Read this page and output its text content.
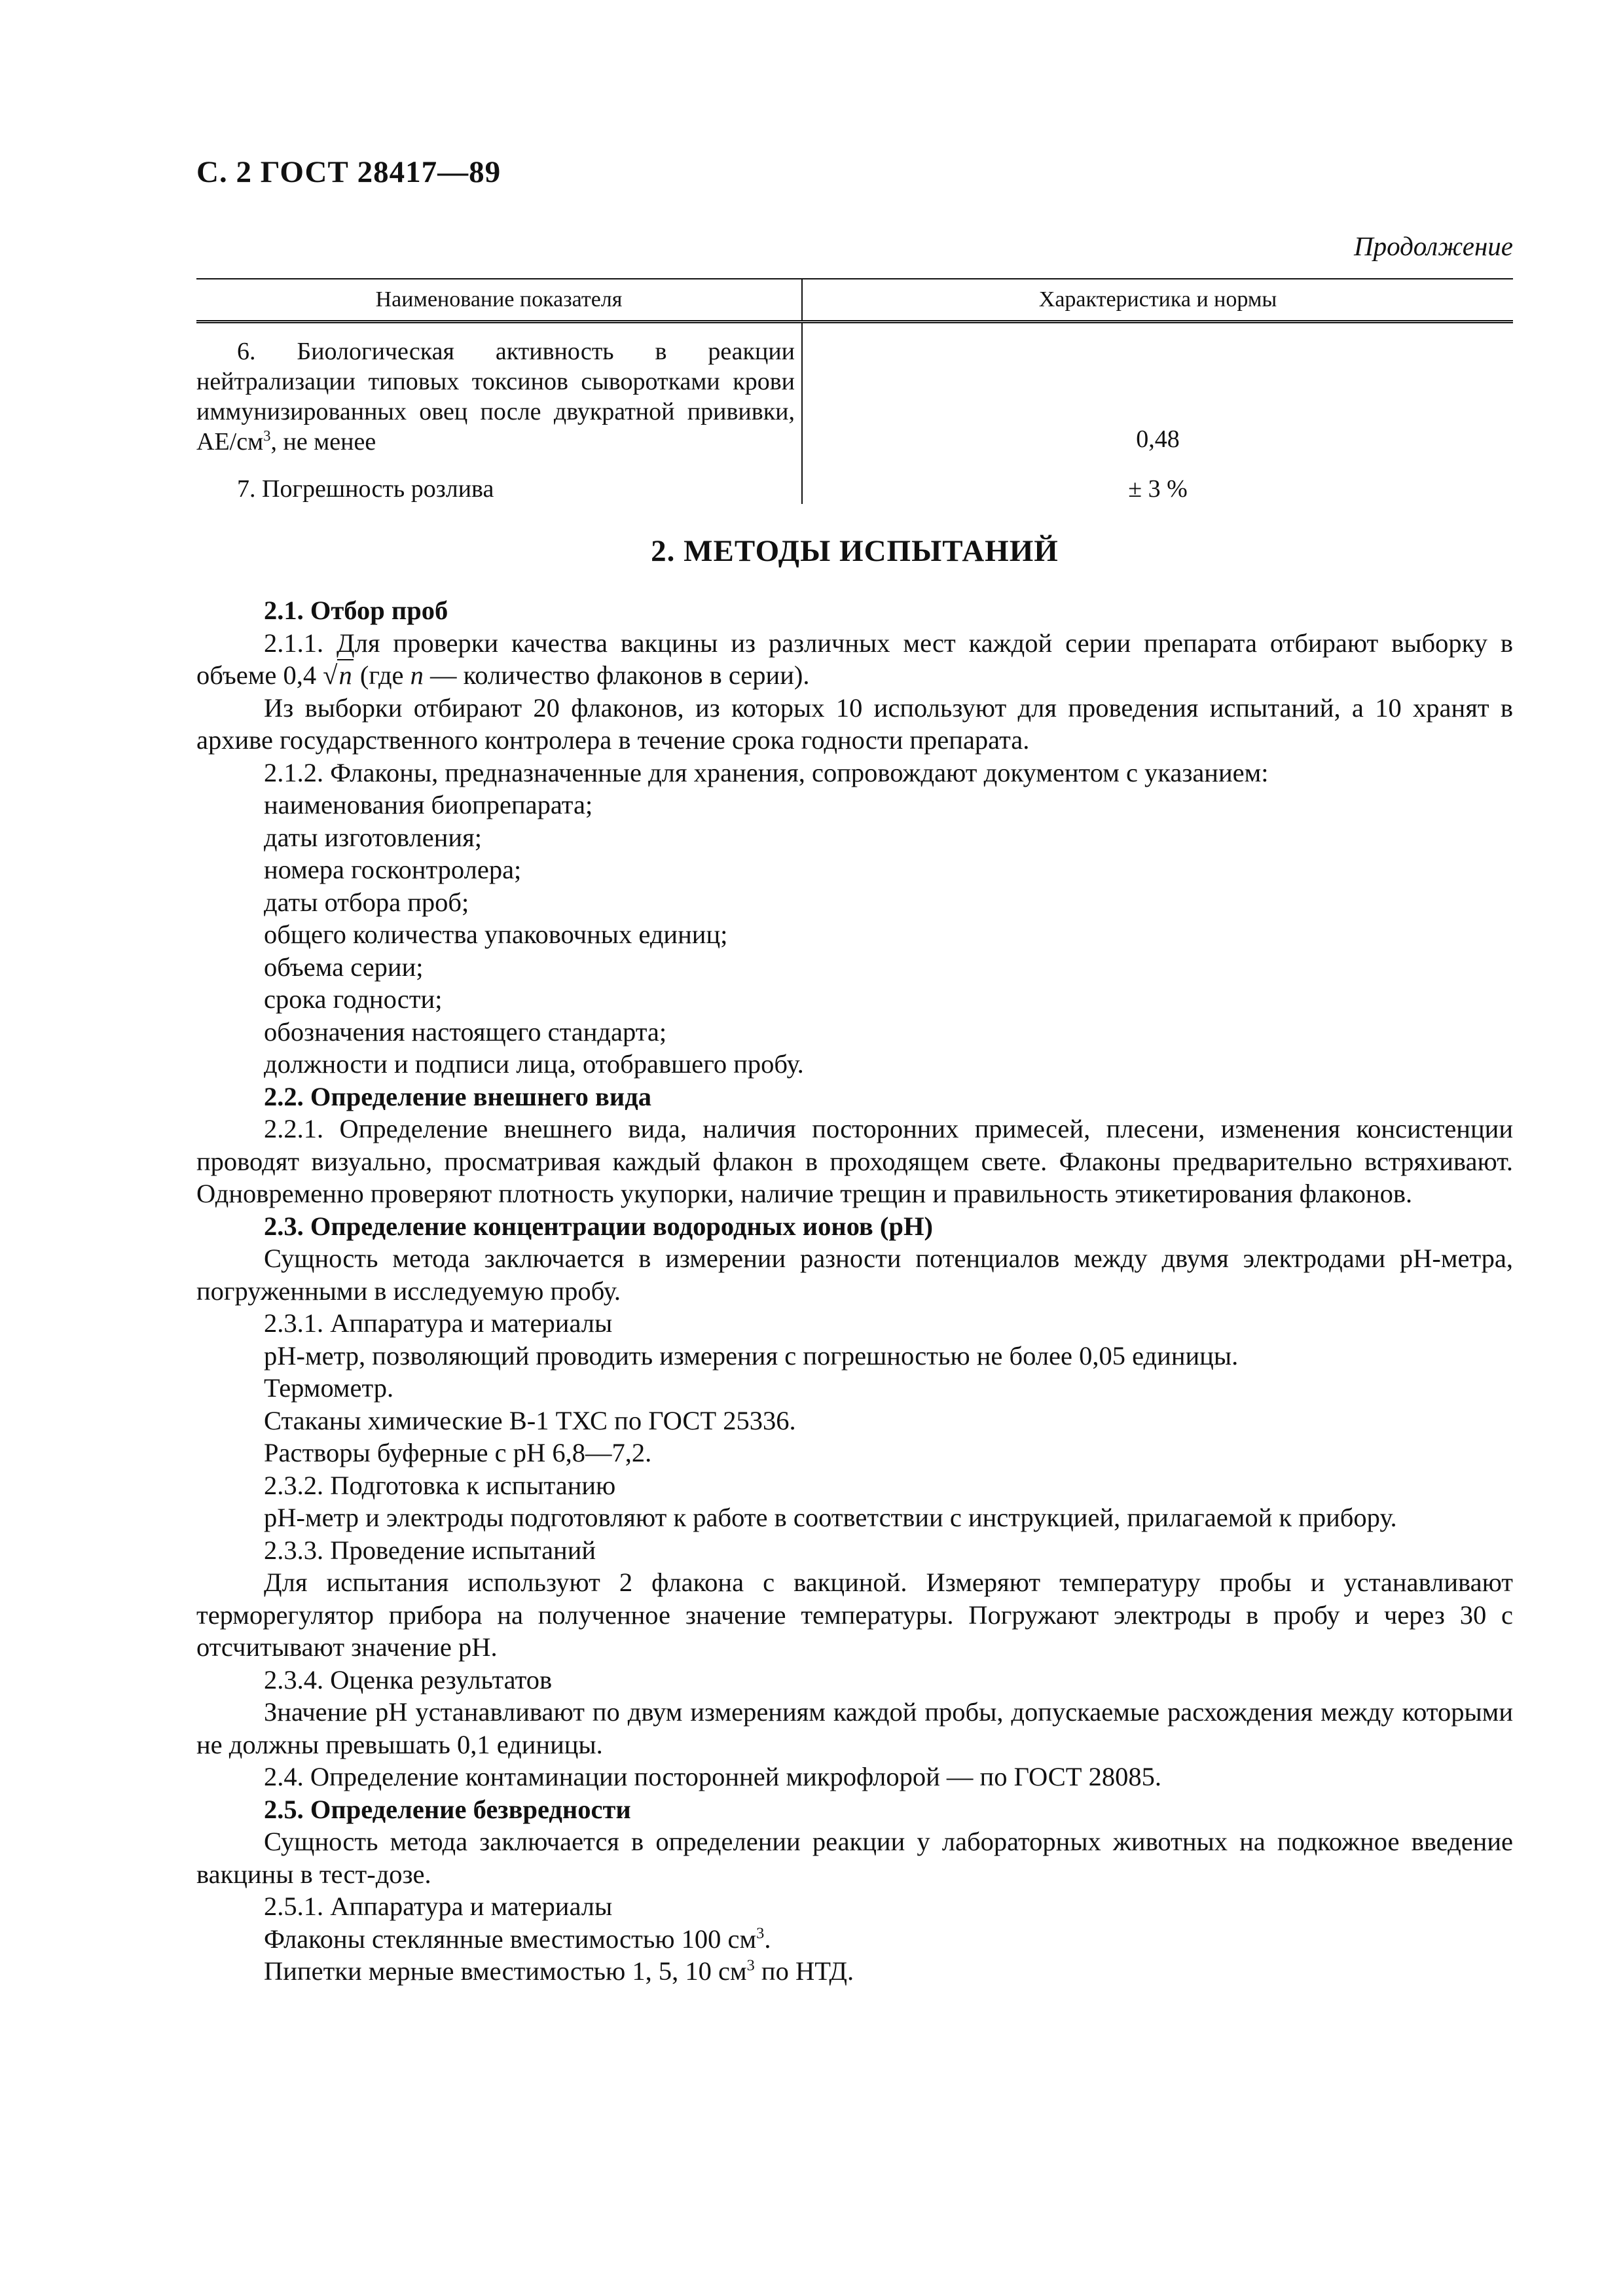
С. 2 ГОСТ 28417—89
Продолжение
Наименование показателя	Характеристика и нормы
6. Биологическая активность в реакции нейтрализации типовых токсинов сыворотками крови иммунизированных овец после двукратной прививки, $АЕ/см^3$, не менее	0,48
7. Погрешность розлива	± 3 %
2. МЕТОДЫ ИСПЫТАНИЙ

2.1. Отбор проб

2.1.1. Для проверки качества вакцины из различных мест каждой серии препарата отбирают выборку в объеме 0,4 √n (где n — количество флаконов в серии).

Из выборки отбирают 20 флаконов, из которых 10 используют для проведения испытаний, а 10 хранят в архиве государственного контролера в течение срока годности препарата.

2.1.2. Флаконы, предназначенные для хранения, сопровождают документом с указанием:

наименования биопрепарата;

даты изготовления;

номера госконтролера;

даты отбора проб;

общего количества упаковочных единиц;

объема серии;

срока годности;

обозначения настоящего стандарта;

должности и подписи лица, отобравшего пробу.

2.2. Определение внешнего вида

2.2.1. Определение внешнего вида, наличия посторонних примесей, плесени, изменения консистенции проводят визуально, просматривая каждый флакон в проходящем свете. Флаконы предварительно встряхивают. Одновременно проверяют плотность укупорки, наличие трещин и правильность этикетирования флаконов.

2.3. Определение концентрации водородных ионов (рН)

Сущность метода заключается в измерении разности потенциалов между двумя электродами рН-метра, погруженными в исследуемую пробу.

2.3.1. Аппаратура и материалы

рН-метр, позволяющий проводить измерения с погрешностью не более 0,05 единицы.

Термометр.

Стаканы химические В-1 ТХС по ГОСТ 25336.

Растворы буферные с рН 6,8—7,2.

2.3.2. Подготовка к испытанию

рН-метр и электроды подготовляют к работе в соответствии с инструкцией, прилагаемой к прибору.

2.3.3. Проведение испытаний

Для испытания используют 2 флакона с вакциной. Измеряют температуру пробы и устанавливают терморегулятор прибора на полученное значение температуры. Погружают электроды в пробу и через 30 с отсчитывают значение рН.

2.3.4. Оценка результатов

Значение рН устанавливают по двум измерениям каждой пробы, допускаемые расхождения между которыми не должны превышать 0,1 единицы.

2.4. Определение контаминации посторонней микрофлорой — по ГОСТ 28085.

2.5. Определение безвредности

Сущность метода заключается в определении реакции у лабораторных животных на подкожное введение вакцины в тест-дозе.

2.5.1. Аппаратура и материалы

Флаконы стеклянные вместимостью 100 $см^3$.

Пипетки мерные вместимостью 1, 5, 10 $см^3$ по НТД.
